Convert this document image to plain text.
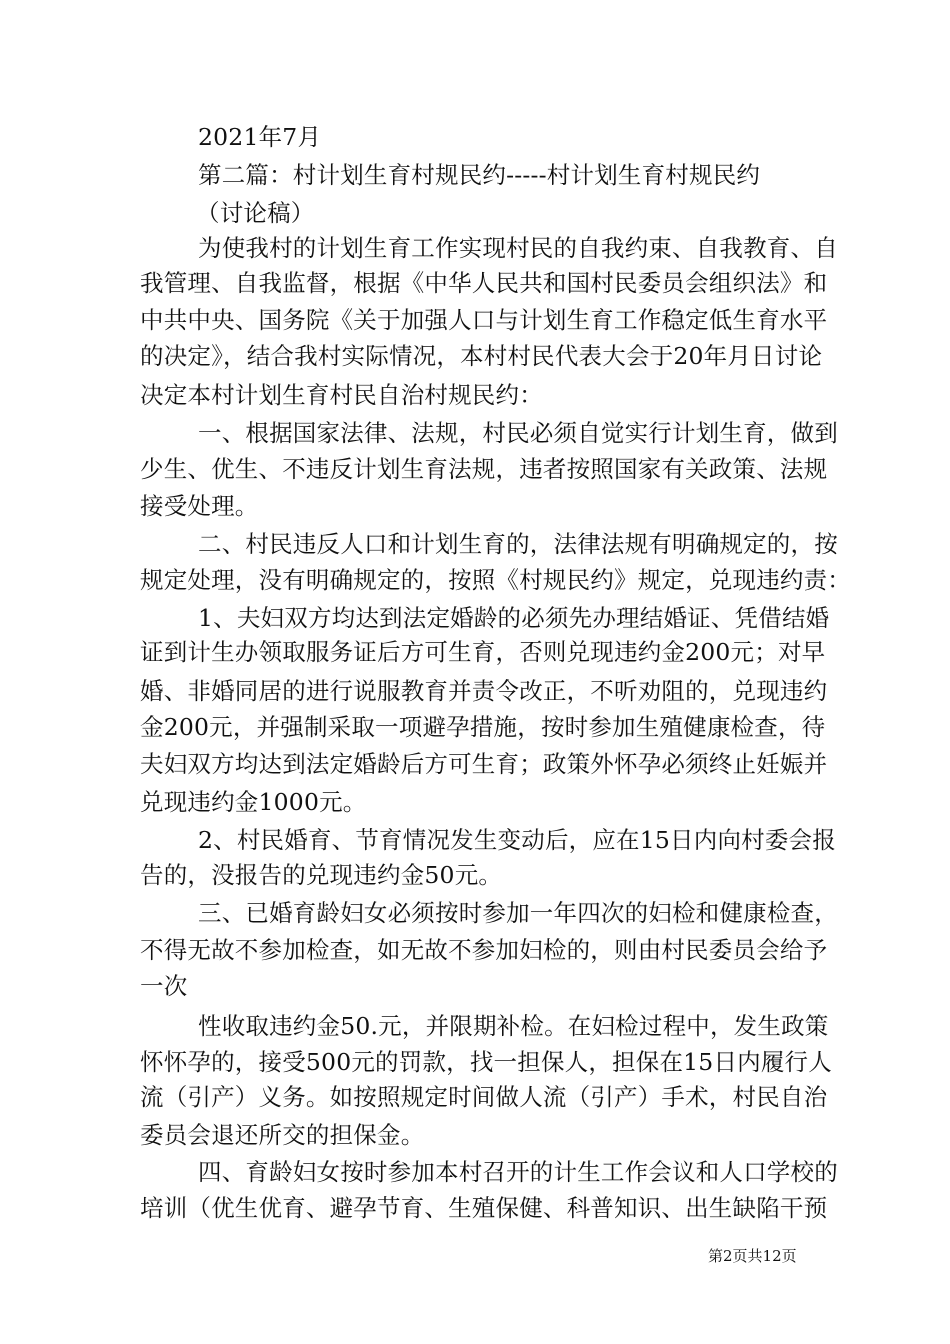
2021年7月
第二篇：村计划生育村规民约-----村计划生育村规民约
（讨论稿）
为使我村的计划生育工作实现村民的自我约束、自我教育、自
我管理、自我监督，根据《中华人民共和国村民委员会组织法》和
中共中央、国务院《关于加强人口与计划生育工作稳定低生育水平
的决定》，结合我村实际情况，本村村民代表大会于20年月日讨论
决定本村计划生育村民自治村规民约：
一、根据国家法律、法规，村民必须自觉实行计划生育，做到
少生、优生、不违反计划生育法规，违者按照国家有关政策、法规
接受处理。
二、村民违反人口和计划生育的，法律法规有明确规定的，按
规定处理，没有明确规定的，按照《村规民约》规定，兑现违约责：
1、夫妇双方均达到法定婚龄的必须先办理结婚证、凭借结婚
证到计生办领取服务证后方可生育，否则兑现违约金200元；对早
婚、非婚同居的进行说服教育并责令改正，不听劝阻的，兑现违约
金200元，并强制采取一项避孕措施，按时参加生殖健康检查，待
夫妇双方均达到法定婚龄后方可生育；政策外怀孕必须终止妊娠并
兑现违约金1000元。
2、村民婚育、节育情况发生变动后，应在15日内向村委会报
告的，没报告的兑现违约金50元。
三、已婚育龄妇女必须按时参加一年四次的妇检和健康检查，
不得无故不参加检查，如无故不参加妇检的，则由村民委员会给予
一次
性收取违约金50.元，并限期补检。在妇检过程中，发生政策
怀怀孕的，接受500元的罚款，找一担保人，担保在15日内履行人
流（引产）义务。如按照规定时间做人流（引产）手术，村民自治
委员会退还所交的担保金。
四、育龄妇女按时参加本村召开的计生工作会议和人口学校的
培训（优生优育、避孕节育、生殖保健、科普知识、出生缺陷干预
第2页共12页
